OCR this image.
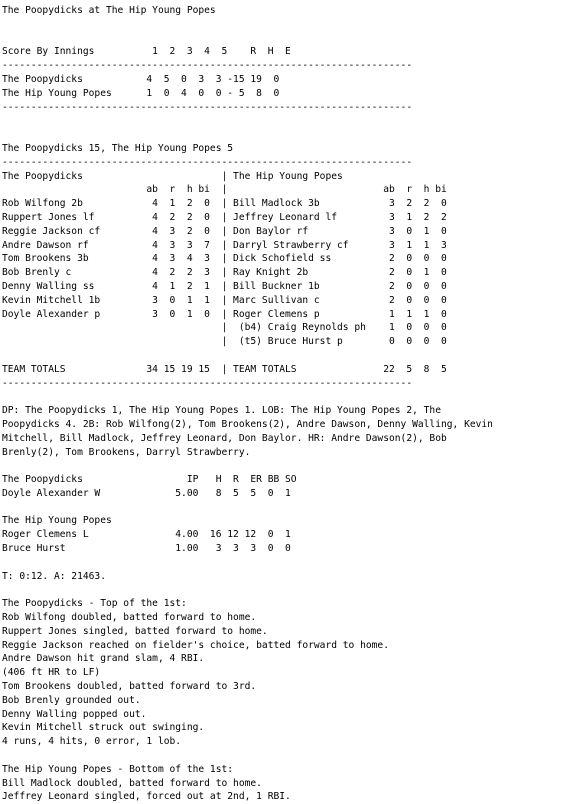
The Poopydicks at The Hip Young Popes

Score By Innings          1  2  3  4  5    R  H  E
-----------------------------------------------------------------------
The Poopydicks           4  5  0  3  3 -15 19  0
The Hip Young Popes      1  0  4  0  0 - 5  8  0
-----------------------------------------------------------------------

The Poopydicks 15, The Hip Young Popes 5
-----------------------------------------------------------------------
The Poopydicks                        | The Hip Young Popes
ab  r  h bi  |                           ab  r  h bi
Rob Wilfong 2b            4  1  2  0  | Bill Madlock 3b            3  2  2  0
Ruppert Jones lf          4  2  2  0  | Jeffrey Leonard lf         3  1  2  2
Reggie Jackson cf         4  3  2  0  | Don Baylor rf              3  0  1  0
Andre Dawson rf           4  3  3  7  | Darryl Strawberry cf       3  1  1  3
Tom Brookens 3b           4  3  4  3  | Dick Schofield ss          2  0  0  0
Bob Brenly c              4  2  2  3  | Ray Knight 2b              2  0  1  0
Denny Walling ss          4  1  2  1  | Bill Buckner 1b            2  0  0  0
Kevin Mitchell 1b         3  0  1  1  | Marc Sullivan c            2  0  0  0
Doyle Alexander p         3  0  1  0  | Roger Clemens p            1  1  1  0
|  (b4) Craig Reynolds ph    1  0  0  0
|  (t5) Bruce Hurst p        0  0  0  0

TEAM TOTALS              34 15 19 15  | TEAM TOTALS               22  5  8  5
-----------------------------------------------------------------------

DP: The Poopydicks 1, The Hip Young Popes 1. LOB: The Hip Young Popes 2, The
Poopydicks 4. 2B: Rob Wilfong(2), Tom Brookens(2), Andre Dawson, Denny Walling, Kevin
Mitchell, Bill Madlock, Jeffrey Leonard, Don Baylor. HR: Andre Dawson(2), Bob
Brenly(2), Tom Brookens, Darryl Strawberry.

The Poopydicks                  IP   H  R  ER BB SO
Doyle Alexander W             5.00   8  5  5  0  1

The Hip Young Popes
Roger Clemens L               4.00  16 12 12  0  1
Bruce Hurst                   1.00   3  3  3  0  0

T: 0:12. A: 21463.

The Poopydicks - Top of the 1st:
Rob Wilfong doubled, batted forward to home.
Ruppert Jones singled, batted forward to home.
Reggie Jackson reached on fielder's choice, batted forward to home.
Andre Dawson hit grand slam, 4 RBI.
(406 ft HR to LF)
Tom Brookens doubled, batted forward to 3rd.
Bob Brenly grounded out.
Denny Walling popped out.
Kevin Mitchell struck out swinging.
4 runs, 4 hits, 0 error, 1 lob.

The Hip Young Popes - Bottom of the 1st:
Bill Madlock doubled, batted forward to home.
Jeffrey Leonard singled, forced out at 2nd, 1 RBI.
